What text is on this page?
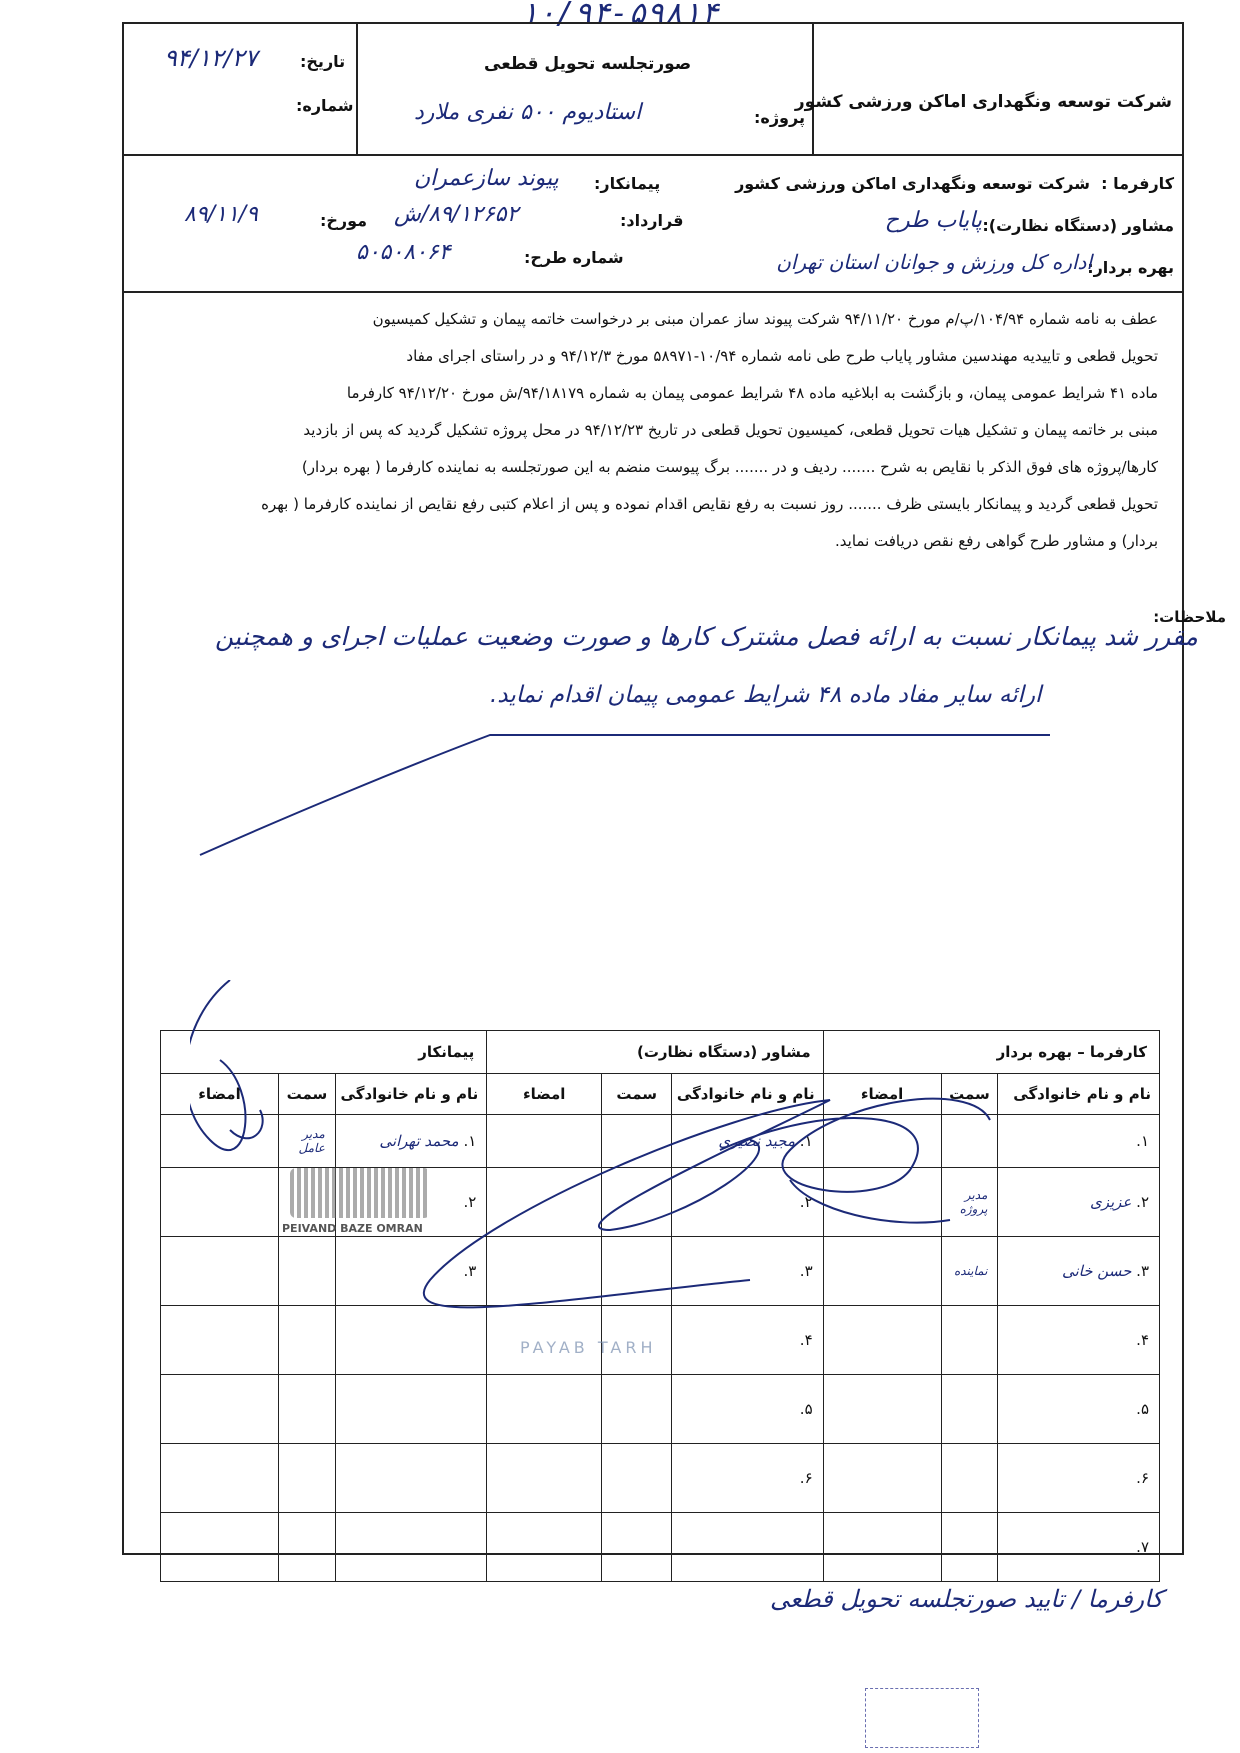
۱۰/۹۴-۵۹۸۱۴
شرکت توسعه ونگهداری اماکن ورزشی کشور
صورتجلسه تحویل قطعی
پروژه:
استادیوم ۵۰۰ نفری ملارد
تاریخ:
۹۴/۱۲/۲۷
شماره:
کارفرما :
شرکت توسعه ونگهداری اماکن ورزشی کشور
پیمانکار:
پیوند سازعمران
مشاور (دستگاه نظارت):
پایاب طرح
قرارداد:
۸۹/۱۲۶۵۲/ش
مورخ:
۸۹/۱۱/۹
بهره بردار:
اداره کل ورزش و جوانان استان تهران
شماره طرح:
۵۰۵۰۸۰۶۴
عطف به نامه شماره ۱۰۴/۹۴/پ/م مورخ ۹۴/۱۱/۲۰ شرکت پیوند ساز عمران مبنی بر درخواست خاتمه پیمان و تشکیل کمیسیون
تحویل قطعی و تاییدیه مهندسین مشاور پایاب طرح طی نامه شماره ۱۰/۹۴-۵۸۹۷۱ مورخ ۹۴/۱۲/۳ و در راستای اجرای مفاد
ماده ۴۱ شرایط عمومی پیمان، و بازگشت به ابلاغیه ماده ۴۸ شرایط عمومی پیمان به شماره ۹۴/۱۸۱۷۹/ش مورخ ۹۴/۱۲/۲۰ کارفرما
مبنی بر خاتمه پیمان و تشکیل هیات تحویل قطعی، کمیسیون تحویل قطعی در تاریخ ۹۴/۱۲/۲۳ در محل پروژه تشکیل گردید که پس از بازدید
کارها/پروژه های فوق الذکر با نقایص به شرح ....... ردیف و در ....... برگ پیوست منضم به این صورتجلسه به نماینده کارفرما ( بهره بردار)
تحویل قطعی گردید و پیمانکار بایستی ظرف ....... روز نسبت به رفع نقایص اقدام نموده و پس از اعلام کتبی رفع نقایص از نماینده کارفرما ( بهره
بردار) و مشاور طرح گواهی رفع نقص دریافت نماید.
ملاحظات:
مقرر شد پیمانکار نسبت به ارائه فصل مشترک کارها و صورت وضعیت عملیات اجرای و همچنین
ارائه سایر مفاد ماده ۴۸ شرایط عمومی پیمان اقدام نماید.
کارفرما – بهره بردار			مشاور (دستگاه نظارت)			پیمانکار		
نام و نام خانوادگی	سمت	امضاء	نام و نام خانوادگی	سمت	امضاء	نام و نام خانوادگی	سمت	امضاء
۱.			۱. مجید نصیری			۱. محمد تهرانی	مدیر عامل	
۲. عزیزی	مدیر پروژه		۲.			۲.		
۳. حسن خانی	نماینده		۳.			۳.		
۴.			۴.					
۵.			۵.					
۶.			۶.					
۷.								
PEIVAND BAZE OMRAN
PAYAB TARH
کارفرما / تایید صورتجلسه تحویل قطعی
